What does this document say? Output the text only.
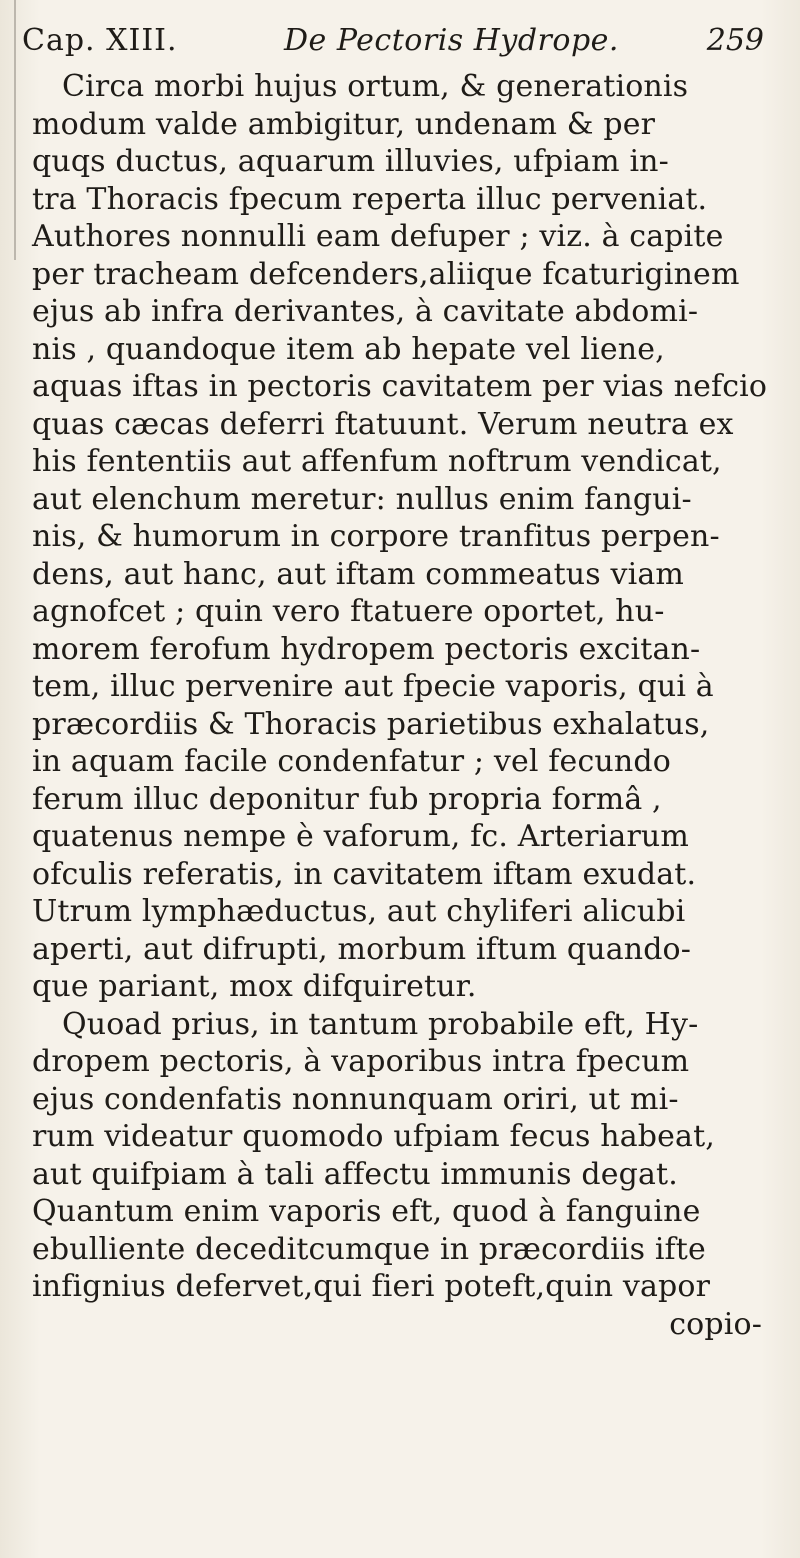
Cap. XIII.	De Pectoris Hydrope.	259
Circa morbi hujus ortum, & generationis
modum valde ambigitur, undenam & per
quqs ductus, aquarum illuvies, ufpiam in-
tra Thoracis fpecum reperta illuc perveniat.
Authores nonnulli eam defuper ; viz. à capite
per tracheam defcenders,aliique fcaturiginem
ejus ab infra derivantes, à cavitate abdomi-
nis , quandoque item ab hepate vel liene,
aquas iftas in pectoris cavitatem per vias nefcio
quas cæcas deferri ftatuunt. Verum neutra ex
his fententiis aut affenfum noftrum vendicat,
aut elenchum meretur: nullus enim fangui-
nis, & humorum in corpore tranfitus perpen-
dens, aut hanc, aut iftam commeatus viam
agnofcet ; quin vero ftatuere oportet, hu-
morem ferofum hydropem pectoris excitan-
tem, illuc pervenire aut fpecie vaporis, qui à
præcordiis & Thoracis parietibus exhalatus,
in aquam facile condenfatur ; vel fecundo
ferum illuc deponitur fub propria formâ ,
quatenus nempe è vaforum, fc. Arteriarum
ofculis referatis, in cavitatem iftam exudat.
Utrum lymphæductus, aut chyliferi alicubi
aperti, aut difrupti, morbum iftum quando-
que pariant, mox difquiretur.
Quoad prius, in tantum probabile eft, Hy-
dropem pectoris, à vaporibus intra fpecum
ejus condenfatis nonnunquam oriri, ut mi-
rum videatur quomodo ufpiam fecus habeat,
aut quifpiam à tali affectu immunis degat.
Quantum enim vaporis eft, quod à fanguine
ebulliente deceditcumque in præcordiis ifte
infignius defervet,qui fieri poteft,quin vapor
copio-
